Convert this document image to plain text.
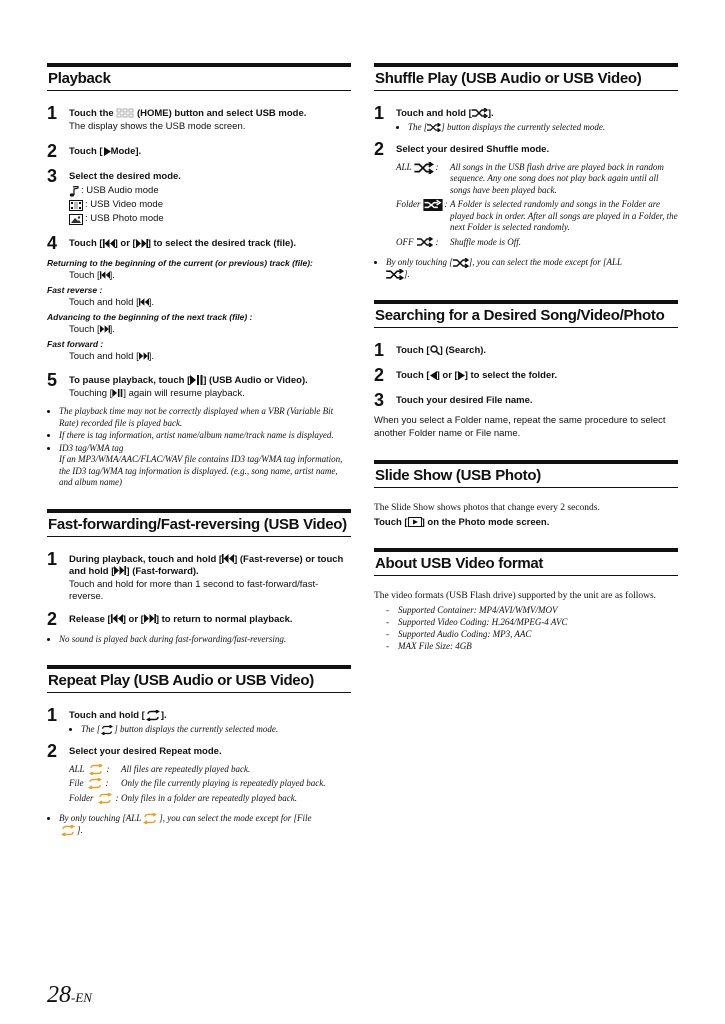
Playback
1	Touch the (HOME) button and select USB mode.
The display shows the USB mode screen.
2	Touch [ Mode].
3	Select the desired mode.
: USB Audio mode
: USB Video mode
: USB Photo mode
4	Touch [ ] or [ ] to select the desired track (file).
Returning to the beginning of the current (or previous) track (file):
Touch [ ].
Fast reverse :
Touch and hold [ ].
Advancing to the beginning of the next track (file) :
Touch [ ].
Fast forward :
Touch and hold [ ].
5	To pause playback, touch [ ] (USB Audio or Video).
Touching [ ] again will resume playback.
• The playback time may not be correctly displayed when a VBR (Variable Bit Rate) recorded file is played back.
• If there is tag information, artist name/album name/track name is displayed.
• ID3 tag/WMA tag
If an MP3/WMA/AAC/FLAC/WAV file contains ID3 tag/WMA tag information, the ID3 tag/WMA tag information is displayed. (e.g., song name, artist name, and album name)
Fast-forwarding/Fast-reversing (USB Video)
1	During playback, touch and hold [ ] (Fast-reverse) or touch and hold [ ] (Fast-forward).
Touch and hold for more than 1 second to fast-forward/fast-reverse.
2	Release [ ] or [ ] to return to normal playback.
• No sound is played back during fast-forwarding/fast-reversing.
Repeat Play (USB Audio or USB Video)
1	Touch and hold [ ].
• The [ ] button displays the currently selected mode.
2	Select your desired Repeat mode.
ALL :	All files are repeatedly played back.
File :	Only the file currently playing is repeatedly played back.
Folder : Only files in a folder are repeatedly played back.
• By only touching [ALL ], you can select the mode except for [File
].
Shuffle Play (USB Audio or USB Video)
1	Touch and hold [ ].
• The [ ] button displays the currently selected mode.
2	Select your desired Shuffle mode.
ALL	:	All songs in the USB flash drive are played back in random sequence. Any one song does not play back again until all songs have been played back.
Folder	: A Folder is selected randomly and songs in the Folder are played back in order. After all songs are played in a Folder, the next Folder is selected randomly.
OFF :	Shuffle mode is Off.
• By only touching [ ], you can select the mode except for [ALL
].
Searching for a Desired Song/Video/Photo
1	Touch [ ] (Search).
2	Touch [ ] or [ ] to select the folder.
3	Touch your desired File name.
When you select a Folder name, repeat the same procedure to select another Folder name or File name.
Slide Show (USB Photo)
The Slide Show shows photos that change every 2 seconds.
Touch [ ] on the Photo mode screen.
About USB Video format
The video formats (USB Flash drive) supported by the unit are as follows.
- Supported Container: MP4/AVI/WMV/MOV
- Supported Video Coding: H.264/MPEG-4 AVC
- Supported Audio Coding: MP3, AAC
- MAX File Size: 4GB
28-EN
